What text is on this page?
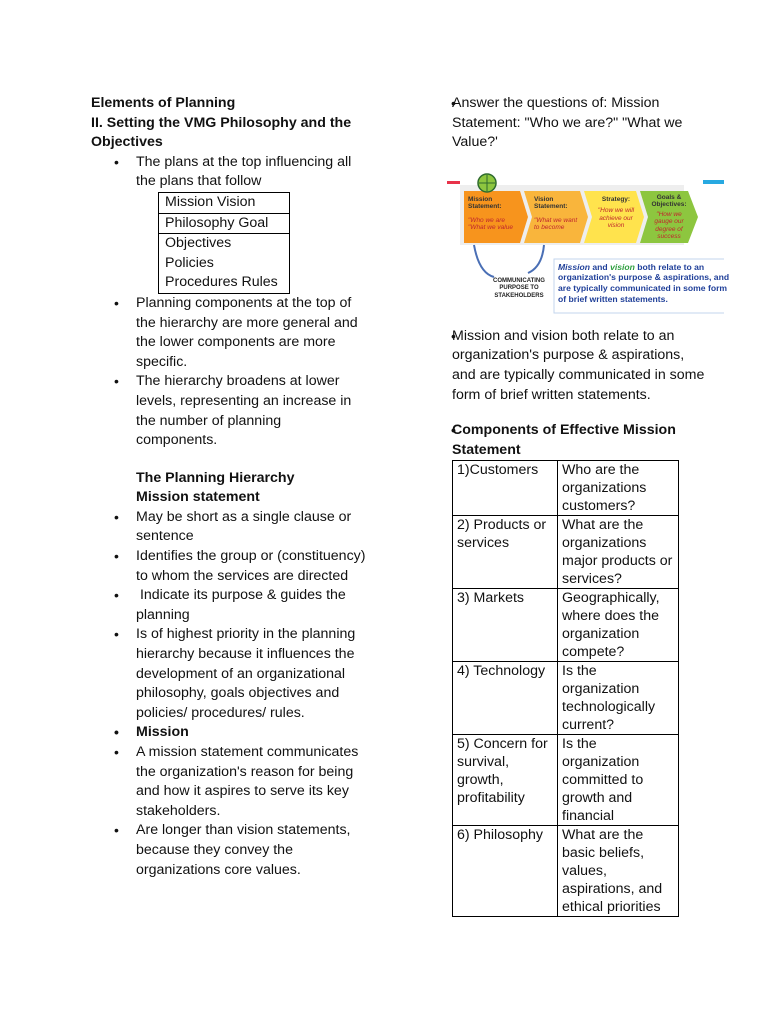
Elements of Planning
II. Setting the VMG Philosophy and the Objectives
• The plans at the top influencing all the plans that follow
Mission Vision
Philosophy Goal
Objectives
Policies
Procedures Rules
• Planning components at the top of the hierarchy are more general and the lower components are more specific.
• The hierarchy broadens at lower levels, representing an increase in the number of planning components.
The Planning Hierarchy
Mission statement
• May be short as a single clause or sentence
• Identifies the group or (constituency) to whom the services are directed
•  Indicate its purpose & guides the planning
• Is of highest priority in the planning hierarchy because it influences the development of an organizational philosophy, goals objectives and policies/ procedures/ rules.
• Mission
• A mission statement communicates the organization's reason for being and how it aspires to serve its key stakeholders.
• Are longer than vision statements, because they convey the organizations core values.
• Answer the questions of: Mission Statement: "Who we are?" "What we Value?'
Mission Statement:
"Who we are "What we value
Vision Statement:
"What we want to become
Strategy:
"How we will achieve our vision
Goals & Objectives:
"How we gauge our degree of success
COMMUNICATING PURPOSE TO STAKEHOLDERS
Mission and vision both relate to an organization's purpose & aspirations, and are typically communicated in some form of brief written statements.
• Mission and vision both relate to an organization's purpose & aspirations, and are typically communicated in some form of brief written statements.
• Components of Effective Mission Statement
1)Customers	Who are the organizations customers?
2) Products or services	What are the organizations major products or services?
3) Markets	Geographically, where does the organization compete?
4) Technology	Is the organization technologically current?
5) Concern for survival, growth, profitability	Is the organization committed to growth and financial
6) Philosophy	What are the basic beliefs, values, aspirations, and ethical priorities
